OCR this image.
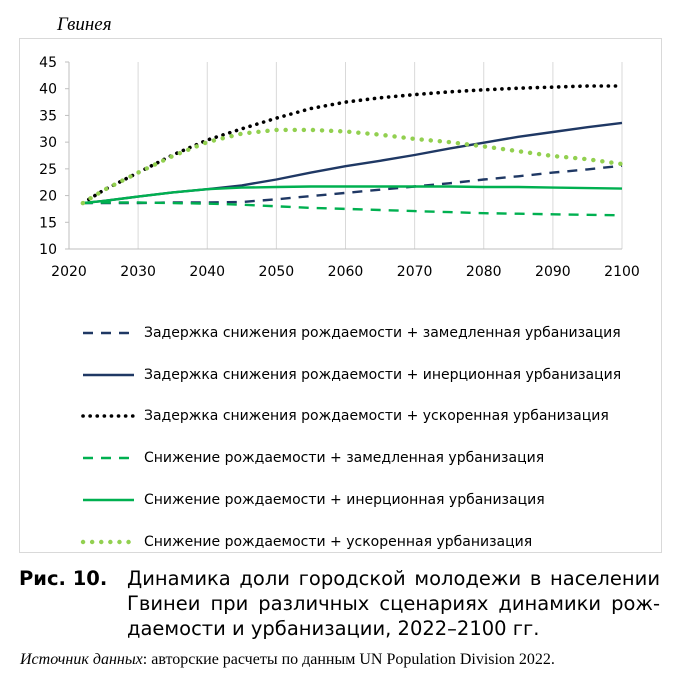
Гвинея
2020 2030 2040 2050 2060 2070 2080 2090 2100
10
15
20
25
30
35
40
45
Задержка снижения рождаемости + замедленная урбанизация
Задержка снижения рождаемости + инерционная урбанизация
Задержка снижения рождаемости + ускоренная урбанизация
Снижение рождаемости + замедленная урбанизация
Снижение рождаемости + инерционная урбанизация
Снижение рождаемости + ускоренная урбанизация
Рис. 10. Динамика доли городской молодежи в населении Гвинеи при различных сценариях динамики рож-даемости и урбанизации, 2022–2100 гг.
Источник данных: авторские расчеты по данным UN Population Division 2022.
